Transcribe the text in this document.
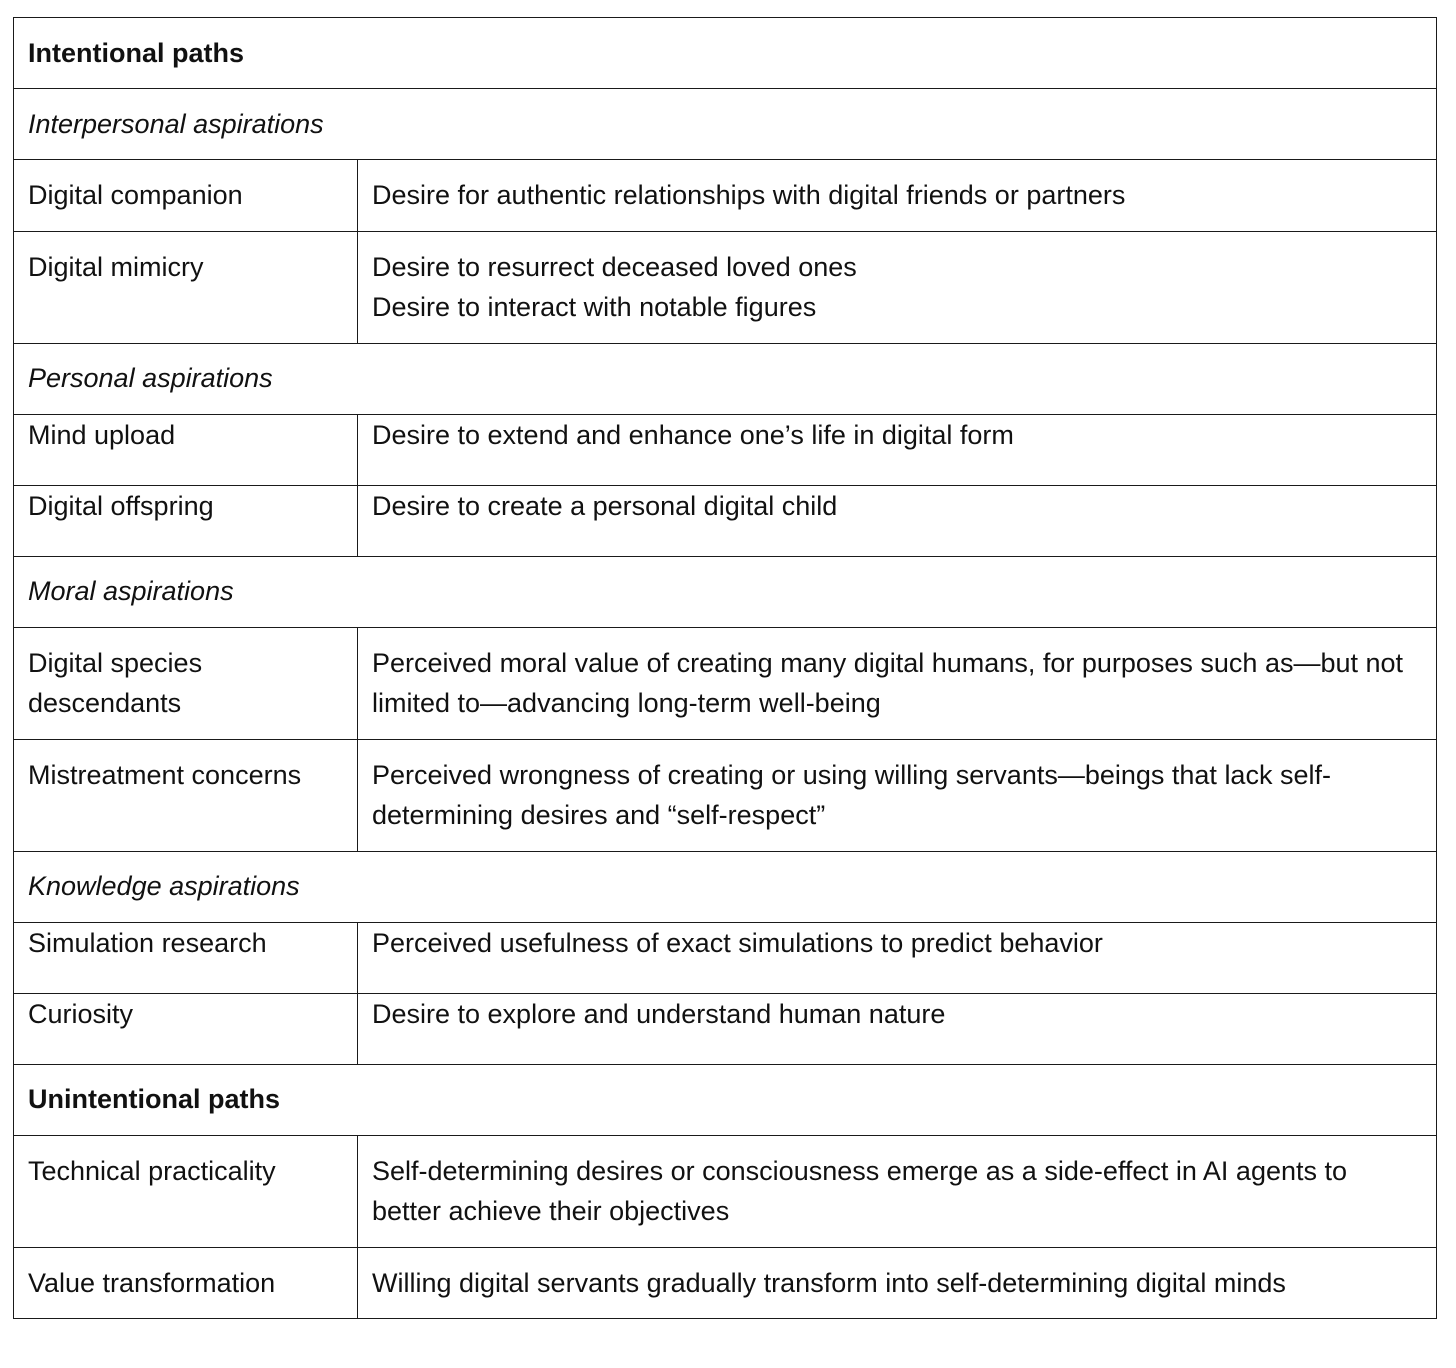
Intentional paths	
Interpersonal aspirations	
Digital companion	Desire for authentic relationships with digital friends or partners

Digital mimicry	Desire to resurrect deceased loved ones
Desire to interact with notable figures

Personal aspirations	
Mind upload	Desire to extend and enhance one’s life in digital form

Digital offspring	Desire to create a personal digital child

Moral aspirations	
Digital species descendants	Perceived moral value of creating many digital humans, for purposes such as—but not limited to—advancing long-term well-being

Mistreatment concerns	Perceived wrongness of creating or using willing servants—beings that lack self-determining desires and “self-respect”

Knowledge aspirations	
Simulation research	Perceived usefulness of exact simulations to predict behavior

Curiosity	Desire to explore and understand human nature

Unintentional paths	
Technical practicality	Self-determining desires or consciousness emerge as a side-effect in AI agents to better achieve their objectives

Value transformation	Willing digital servants gradually transform into self-determining digital minds
